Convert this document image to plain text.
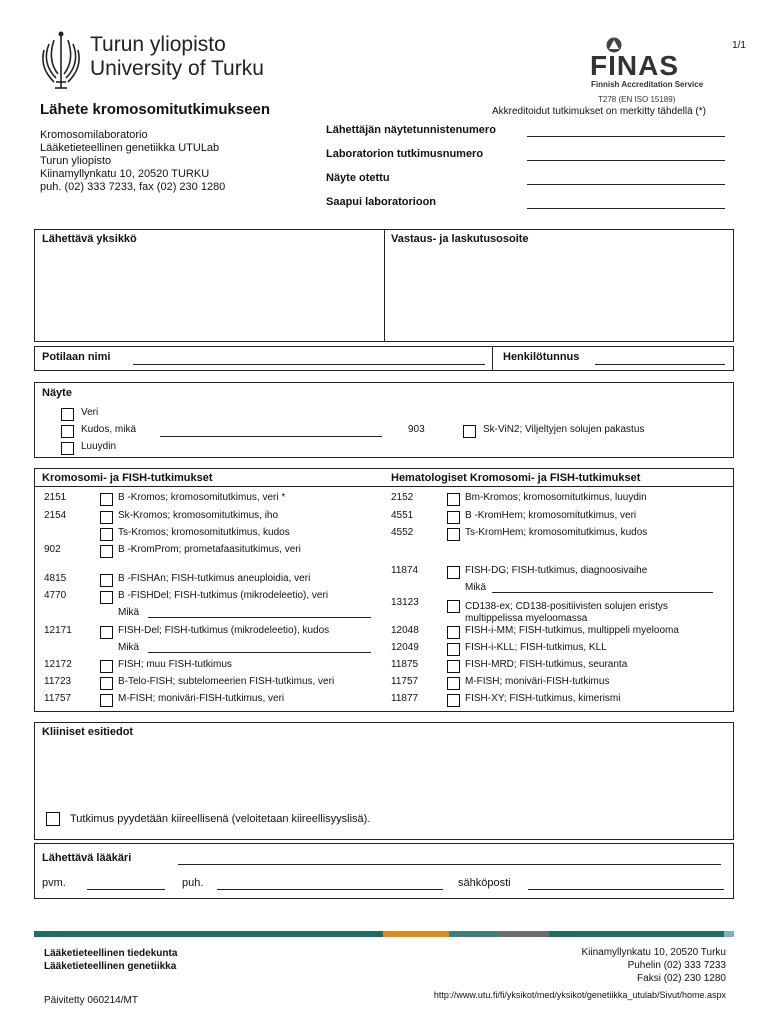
1/1
Turun yliopisto
University of Turku	FINAS
Finnish Accreditation Service
T278 (EN ISO 15189)
Akkreditoidut tutkimukset on merkitty tähdellä (*)
Lähete kromosomitutkimukseen
Kromosomilaboratorio
Lääketieteellinen genetiikka UTULab
Turun yliopisto
Kiinamyllynkatu 10, 20520 TURKU
puh. (02) 333 7233, fax (02) 230 1280
Lähettäjän näytetunnistenumero
Laboratorion tutkimusnumero
Näyte otettu
Saapui laboratorioon
Lähettävä yksikkö	Vastaus- ja laskutusosoite
Potilaan nimi	Henkilötunnus
Näyte
Veri
Kudos, mikä
Luuydin
903	Sk-ViN2; Viljeltyjen solujen pakastus
Kromosomi- ja FISH-tutkimukset	Hematologiset Kromosomi- ja FISH-tutkimukset
2151	B -Kromos; kromosomitutkimus, veri *
2154	Sk-Kromos; kromosomitutkimus, iho
Ts-Kromos; kromosomitutkimus, kudos
902	B -KromProm; prometafaasitutkimus, veri
4815	B -FISHAn; FISH-tutkimus aneuploidia, veri
4770	B -FISHDel; FISH-tutkimus (mikrodeleetio), veri
Mikä
12171	FISH-Del; FISH-tutkimus (mikrodeleetio), kudos
Mikä
12172	FISH; muu FISH-tutkimus
11723	B-Telo-FISH; subtelomeerien FISH-tutkimus, veri
11757	M-FISH; moniväri-FISH-tutkimus, veri
2152	Bm-Kromos; kromosomitutkimus, luuydin
4551	B -KromHem; kromosomitutkimus, veri
4552	Ts-KromHem; kromosomitutkimus, kudos
11874	FISH-DG; FISH-tutkimus, diagnoosivaihe
Mikä
13123	CD138-ex; CD138-positiivisten solujen eristys
multippelissa myeloomassa
12048	FISH-i-MM; FISH-tutkimus, multippeli myelooma
12049	FISH-i-KLL; FISH-tutkimus, KLL
11875	FISH-MRD; FISH-tutkimus, seuranta
11757	M-FISH; moniväri-FISH-tutkimus
11877	FISH-XY; FISH-tutkimus, kimerismi
Kliiniset esitiedot
Tutkimus pyydetään kiireellisenä (veloitetaan kiireellisyyslisä).
Lähettävä lääkäri
pvm.	puh.	sähköposti
Lääketieteellinen tiedekunta
Lääketieteellinen genetiikka
Päivitetty 060214/MT
Kiinamyllynkatu 10, 20520 Turku
Puhelin (02) 333 7233
Faksi (02) 230 1280
http://www.utu.fi/fi/yksikot/med/yksikot/genetiikka_utulab/Sivut/home.aspx
